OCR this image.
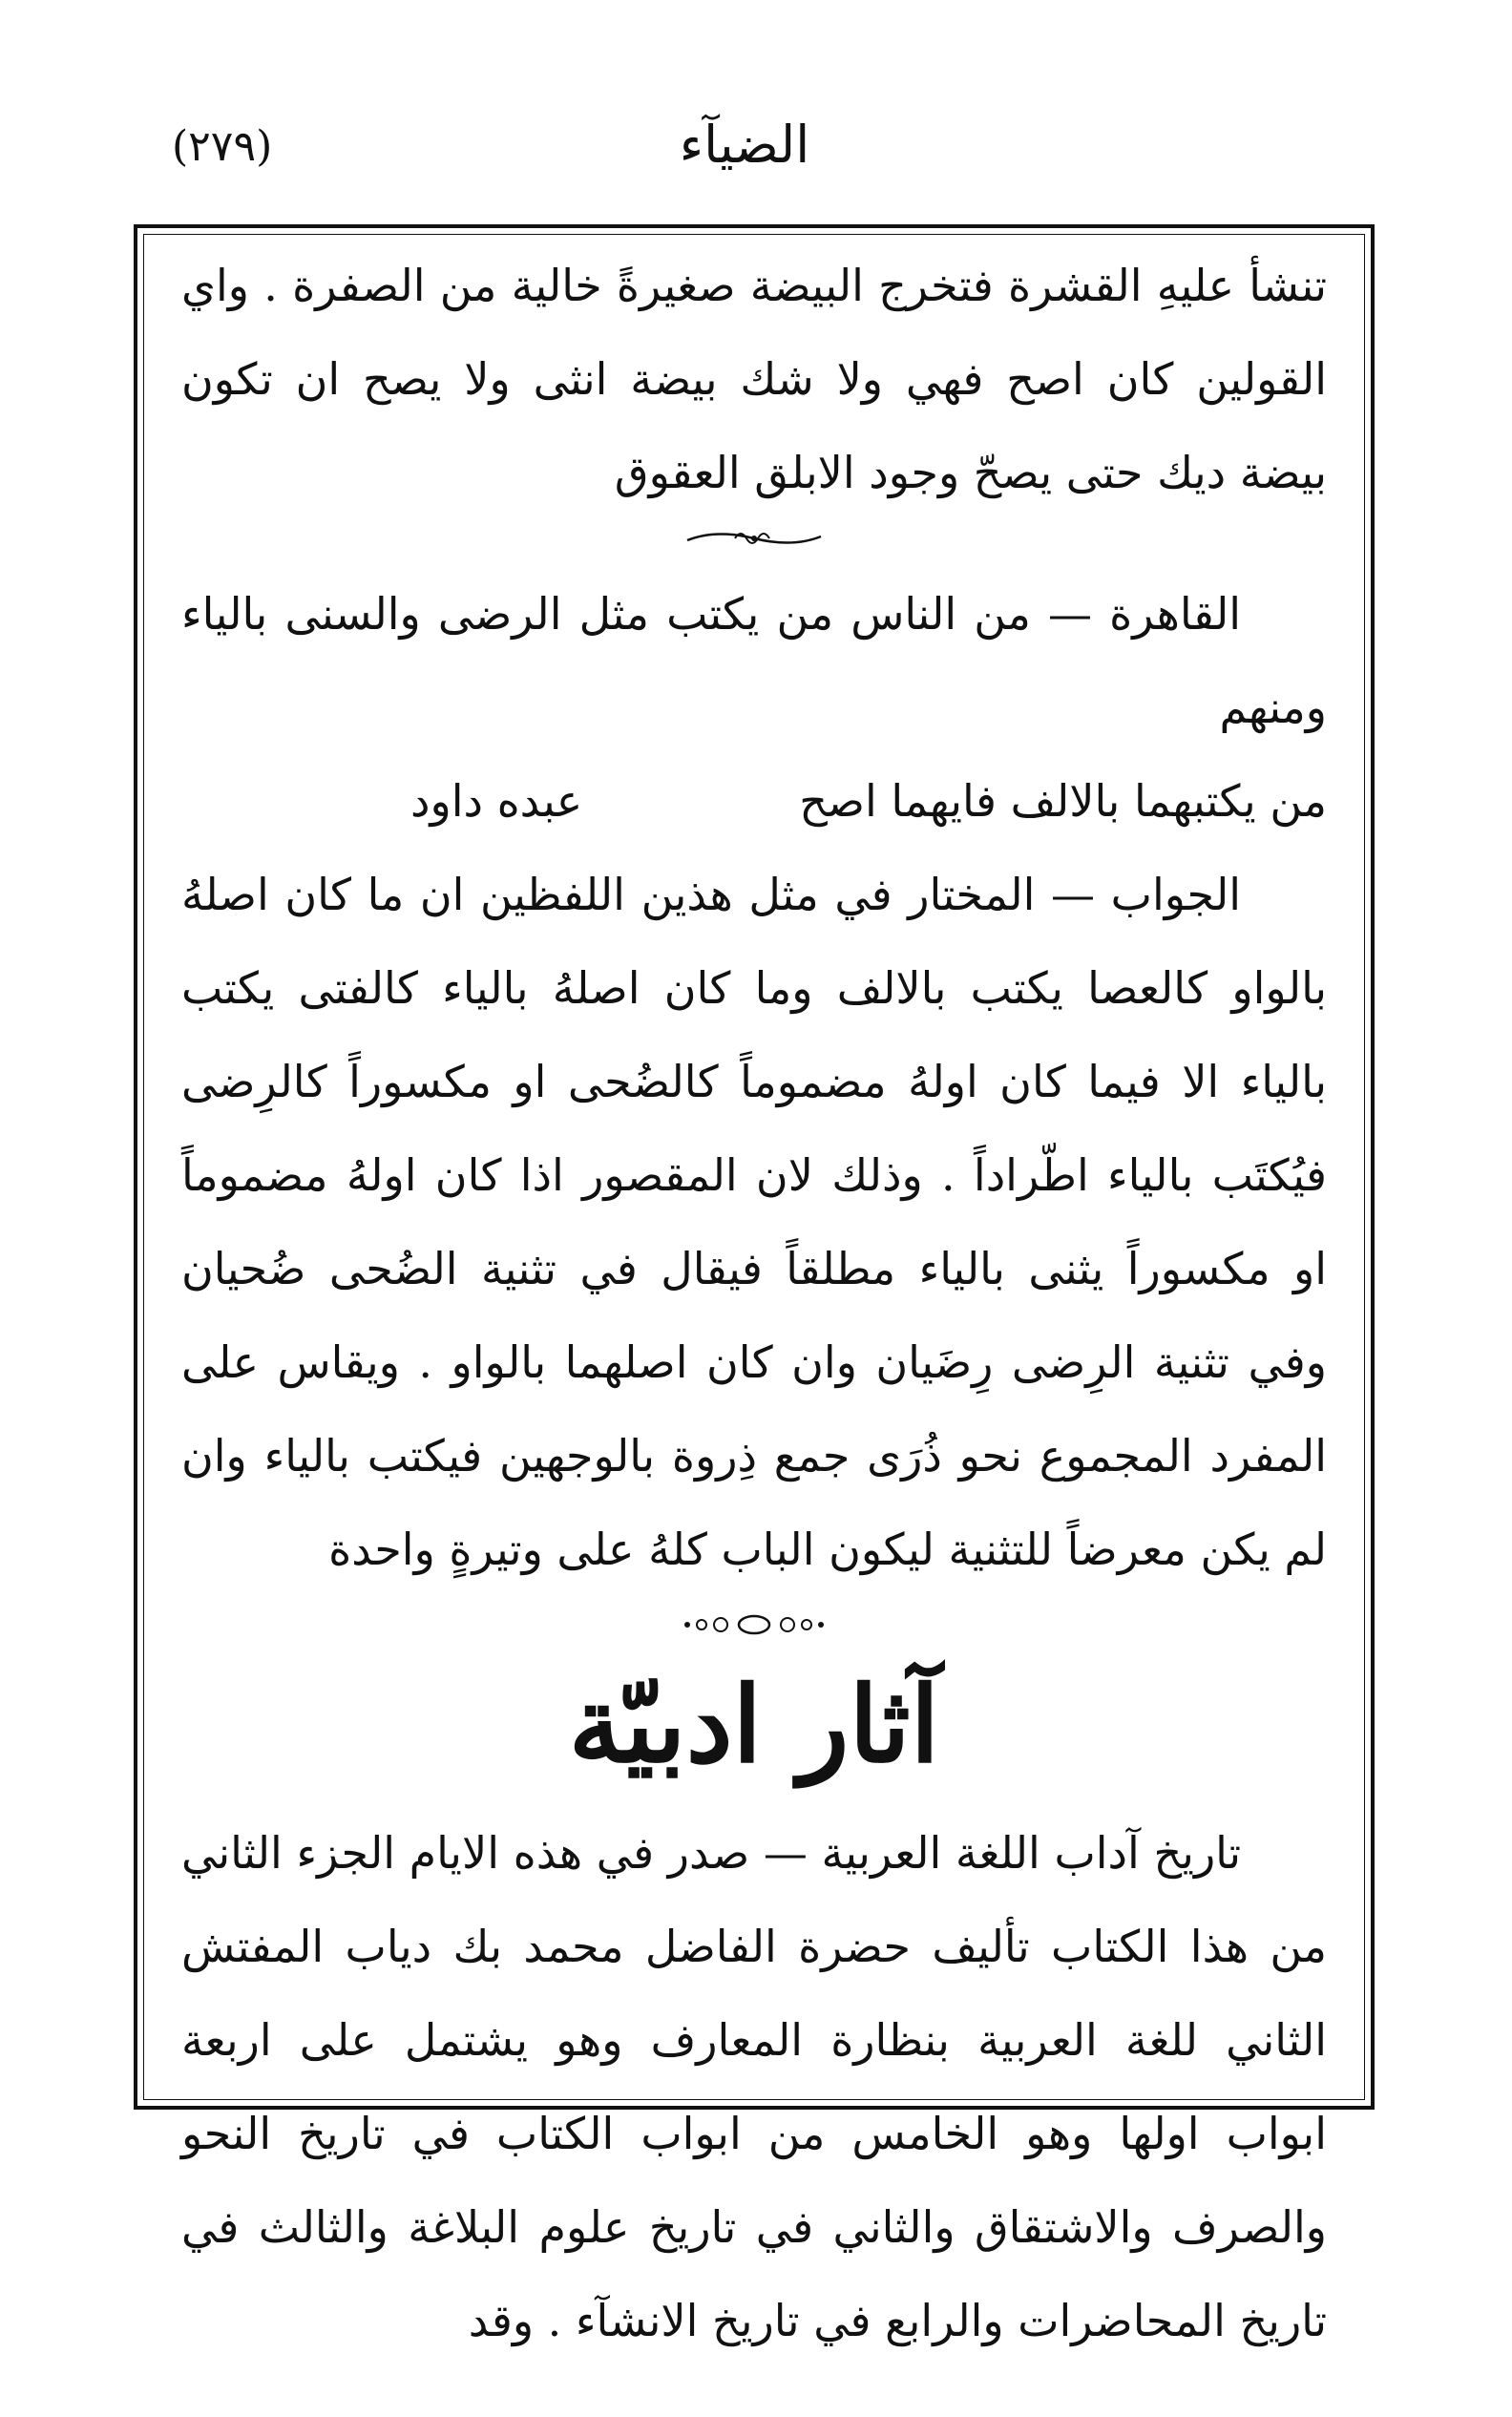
(٢٧٩)	الضيآء

تنشأ عليهِ القشرة فتخرج البيضة صغيرةً خالية من الصفرة . واي القولين كان اصح فهي ولا شك بيضة انثى ولا يصح ان تكون بيضة ديك حتى يصحّ وجود الابلق العقوق

القاهرة — من الناس من يكتب مثل الرضى والسنى بالياء ومنهم
من يكتبهما بالالف فايهما اصح
عبده داود

الجواب — المختار في مثل هذين اللفظين ان ما كان اصلهُ بالواو كالعصا يكتب بالالف وما كان اصلهُ بالياء كالفتى يكتب بالياء الا فيما كان اولهُ مضموماً كالضُحى او مكسوراً كالرِضى فيُكتَب بالياء اطّراداً . وذلك لان المقصور اذا كان اولهُ مضموماً او مكسوراً يثنى بالياء مطلقاً فيقال في تثنية الضُحى ضُحيان وفي تثنية الرِضى رِضَيان وان كان اصلهما بالواو . ويقاس على المفرد المجموع نحو ذُرَى جمع ذِروة بالوجهين فيكتب بالياء وان لم يكن معرضاً للتثنية ليكون الباب كلهُ على وتيرةٍ واحدة

آثار ادبيّة

تاريخ آداب اللغة العربية — صدر في هذه الايام الجزء الثاني من هذا الكتاب تأليف حضرة الفاضل محمد بك دياب المفتش الثاني للغة العربية بنظارة المعارف وهو يشتمل على اربعة ابواب اولها وهو الخامس من ابواب الكتاب في تاريخ النحو والصرف والاشتقاق والثاني في تاريخ علوم البلاغة والثالث في تاريخ المحاضرات والرابع في تاريخ الانشآء . وقد
